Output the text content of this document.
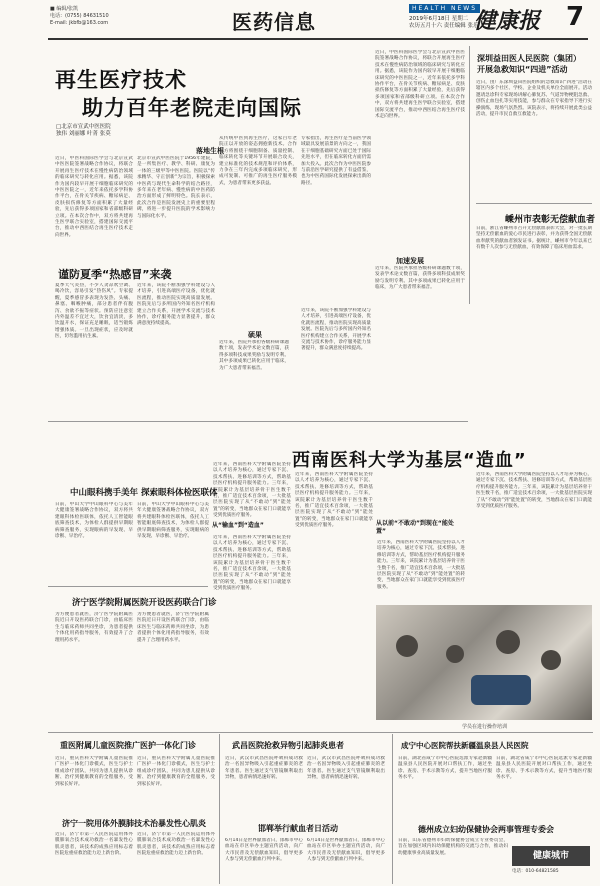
■ 编辑/张凯
电话：(0755) 84631510
E-mail: jkbfb@163.com	医药信息
HEALTH NEWS
2019年6月18日 星期二
农历五月十六 责任编辑 张乐
健康报 7
再生医疗技术
助力百年老院走向国际
□北京市宣武中医医院
独伟 刘丽娜 叶菁 张莫
落地生根
近日，中医科国际医学会与北京宣武中医医院签署战略合作协议，将联合开展再生医疗技术在慢性病防治领域的临床研究与转化应用。据悉，该院作为国内较早开展干细胞临床研究的中医医院之一，近年来依托多学科协作平台，在骨关节疾病、糖尿病足、皮肤损伤修复等方面积累了大量经验，先后获得多项国家和省部级科研立项。在本次合作中，双方将共建再生医学联合实验室，搭建国际交流平台，推动中西医结合再生医疗技术走向世界。
北京市宣武中医医院于1956年建院，是一所集医疗、教学、科研、康复为一体的三级甲等中医医院。医院以“传承精华、守正创新”为宗旨，积极探索中医药与现代生命科学的结合路径，多年来在老年病、慢性病的中医药防治方面形成了鲜明特色。院长表示，此次合作是医院发展史上的重要里程碑，将进一步提升医院的学术影响力与国际化水平。
从传统中医到再生医疗，这家百年老院正以开放的姿态拥抱新技术。合作双方将围绕干细胞制备、质量控制、临床转化等关键环节开展联合攻关，建立标准化的技术规范和评价体系，力争在三年内完成多项临床研究，形成可复制、可推广的再生医疗服务模式，为患者带来更多获益。
专家指出，再生医疗是当前医学领域最具发展前景的方向之一，我国在干细胞基础研究方面已处于国际先进水平，但在临床转化方面仍需加大投入。此次合作为中医医院参与前沿医学研究提供了有益借鉴，也为中医药国际化发展探索出新的路径。
近日，中医科国际医学会与北京宣武中医医院签署战略合作协议，将联合开展再生医疗技术在慢性病防治领域的临床研究与转化应用。据悉，该院作为国内较早开展干细胞临床研究的中医医院之一，近年来依托多学科协作平台，在骨关节疾病、糖尿病足、皮肤损伤修复等方面积累了大量经验，先后获得多项国家和省部级科研立项。在本次合作中，双方将共建再生医学联合实验室，搭建国际交流平台，推动中西医结合再生医疗技术走向世界。
深圳益田医人民医院（集团）
开展急救知识“四进”活动
近日，由广东深圳益田医院组织的急救知识“四进”活动在辖区内多个社区、学校、企业及机关单位全面展开。活动邀请急诊科专家现场讲解心肺复苏、气道异物梗阻急救、创伤止血包扎等实用技能，参与群众在专家指导下进行实操演练，现场气氛热烈。该院表示，将持续开展此类公益活动，提升市民自救互救能力。
嵊州市表彰无偿献血者
日前，浙江省嵊州市召开无偿献血表彰大会，对一批长期坚持无偿献血的爱心市民进行表彰，并为获得全国无偿献血奉献奖的献血者颁发证书。据统计，嵊州市今年以来已有数千人次参与无偿献血，有效保障了临床用血需求。
谨防夏季“热感冒”来袭
夏季天气炎热，不少人贪凉吹空调、喝冷饮，容易引发“热伤风”。专家提醒，夏季感冒多表现为发热、头痛、鼻塞、咽喉肿痛，部分患者伴有腹泻、食欲不振等症状。预防应注意室内外温差不宜过大，饮食宜清淡，多饮温开水，保证充足睡眠，适当锻炼增强体质。一旦出现症状，应及时就医，切勿滥用抗生素。
近年来，该院不断加强学科建设与人才培养，引进高端医疗设备，优化就医流程，推动医院实现高质量发展。医院先后与多所国内外知名医疗机构建立合作关系，开展学术交流与技术协作，诊疗服务能力显著提升，群众满意度持续提高。
硕果
近年来，医院共承担各级科研课题数十项，发表学术论文数百篇，获得多项科技成果奖励与发明专利。其中多项成果已转化应用于临床，为广大患者带来福音。
加速发展
近年来，该院不断加强学科建设与人才培养，引进高端医疗设备，优化就医流程，推动医院实现高质量发展。医院先后与多所国内外知名医疗机构建立合作关系，开展学术交流与技术协作，诊疗服务能力显著提升，群众满意度持续提高。
近年来，医院共承担各级科研课题数十项，发表学术论文数百篇，获得多项科技成果奖励与发明专利。其中多项成果已转化应用于临床，为广大患者带来福音。
西南医科大学为基层“造血”
从“输血”到“造血”	从以前“不敢动”到现在“能处置”
近年来，西南医科大学附属医院坚持以人才培养为核心，通过专家下沉、技术帮扶、进修培训等方式，帮助基层医疗机构提升服务能力。三年来，该院累计为基层培养骨干医生数千名，推广适宜技术百余项，一大批基层医院实现了从“不敢动”到“能处置”的转变，当地群众在家门口就能享受到优质医疗服务。
近年来，西南医科大学附属医院坚持以人才培养为核心，通过专家下沉、技术帮扶、进修培训等方式，帮助基层医疗机构提升服务能力。三年来，该院累计为基层培养骨干医生数千名，推广适宜技术百余项，一大批基层医院实现了从“不敢动”到“能处置”的转变，当地群众在家门口就能享受到优质医疗服务。
近年来，西南医科大学附属医院坚持以人才培养为核心，通过专家下沉、技术帮扶、进修培训等方式，帮助基层医疗机构提升服务能力。三年来，该院累计为基层培养骨干医生数千名，推广适宜技术百余项，一大批基层医院实现了从“不敢动”到“能处置”的转变，当地群众在家门口就能享受到优质医疗服务。
近年来，西南医科大学附属医院坚持以人才培养为核心，通过专家下沉、技术帮扶、进修培训等方式，帮助基层医疗机构提升服务能力。三年来，该院累计为基层培养骨干医生数千名，推广适宜技术百余项，一大批基层医院实现了从“不敢动”到“能处置”的转变，当地群众在家门口就能享受到优质医疗服务。
近年来，西南医科大学附属医院坚持以人才培养为核心，通过专家下沉、技术帮扶、进修培训等方式，帮助基层医疗机构提升服务能力。三年来，该院累计为基层培养骨干医生数千名，推广适宜技术百余项，一大批基层医院实现了从“不敢动”到“能处置”的转变，当地群众在家门口就能享受到优质医疗服务。
学员在进行操作培训
中山眼科携手美年 探索眼科体检医联体
日前，中山大学中山眼科中心与美年大健康签署战略合作协议，双方将共建眼科体检医联体，依托人工智能眼底筛查技术，为体检人群提供早期眼病筛查服务，实现眼病的早发现、早诊断、早治疗。
日前，中山大学中山眼科中心与美年大健康签署战略合作协议，双方将共建眼科体检医联体，依托人工智能眼底筛查技术，为体检人群提供早期眼病筛查服务，实现眼病的早发现、早诊断、早治疗。
济宁医学院附属医院开设医药联合门诊
为方便患者就医，济宁医学院附属医院近日开设医药联合门诊，由临床医生与临床药师共同坐诊，为患者提供个体化用药指导服务，有效提升了合理用药水平。
为方便患者就医，济宁医学院附属医院近日开设医药联合门诊，由临床医生与临床药师共同坐诊，为患者提供个体化用药指导服务，有效提升了合理用药水平。
重医附属儿童医院推广医护一体化门诊
近日，重庆医科大学附属儿童医院推广医护一体化门诊模式，医生与护士组成诊疗团队，共同为患儿提供从诊断、治疗到健康教育的全程服务，受到家长好评。
近日，重庆医科大学附属儿童医院推广医护一体化门诊模式，医生与护士组成诊疗团队，共同为患儿提供从诊断、治疗到健康教育的全程服务，受到家长好评。
济宁一院用体外膜肺技术治暴发性心肌炎
近日，济宁市第一人民医院运用体外膜肺氧合技术成功救治一名暴发性心肌炎患者，该技术的成熟应用标志着医院危重症救治能力迈上新台阶。
近日，济宁市第一人民医院运用体外膜肺氧合技术成功救治一名暴发性心肌炎患者，该技术的成熟应用标志着医院危重症救治能力迈上新台阶。
武昌医院抢救异物引起肺炎患者
近日，武汉市武昌医院呼吸科成功救治一名因异物吸入引起重症肺炎的老年患者。医生通过支气管镜顺利取出异物，患者病情迅速好转。
近日，武汉市武昌医院呼吸科成功救治一名因异物吸入引起重症肺炎的老年患者。医生通过支气管镜顺利取出异物，患者病情迅速好转。
邯郸举行献血者日活动
6月14日是世界献血者日，邯郸市中心血站在市区举办主题宣传活动，向广大市民普及无偿献血知识，倡导更多人参与到无偿献血行列中来。
6月14日是世界献血者日，邯郸市中心血站在市区举办主题宣传活动，向广大市民普及无偿献血知识，倡导更多人参与到无偿献血行列中来。
成宁中心医院帮扶新疆温泉县人民医院
日前，湖北省咸宁市中心医院选派专家赴新疆温泉县人民医院开展对口帮扶工作，通过坐诊、查房、手术示教等方式，提升当地医疗服务水平。
日前，湖北省咸宁市中心医院选派专家赴新疆温泉县人民医院开展对口帮扶工作，通过坐诊、查房、手术示教等方式，提升当地医疗服务水平。
德州成立妇幼保健协会两事管理专委会
日前，山东省德州市妇幼保健协会成立专业委员会，旨在加强区域内妇幼保健机构的交流与合作，推动妇幼健康事业高质量发展。	健康城市
电话：010-64821585
